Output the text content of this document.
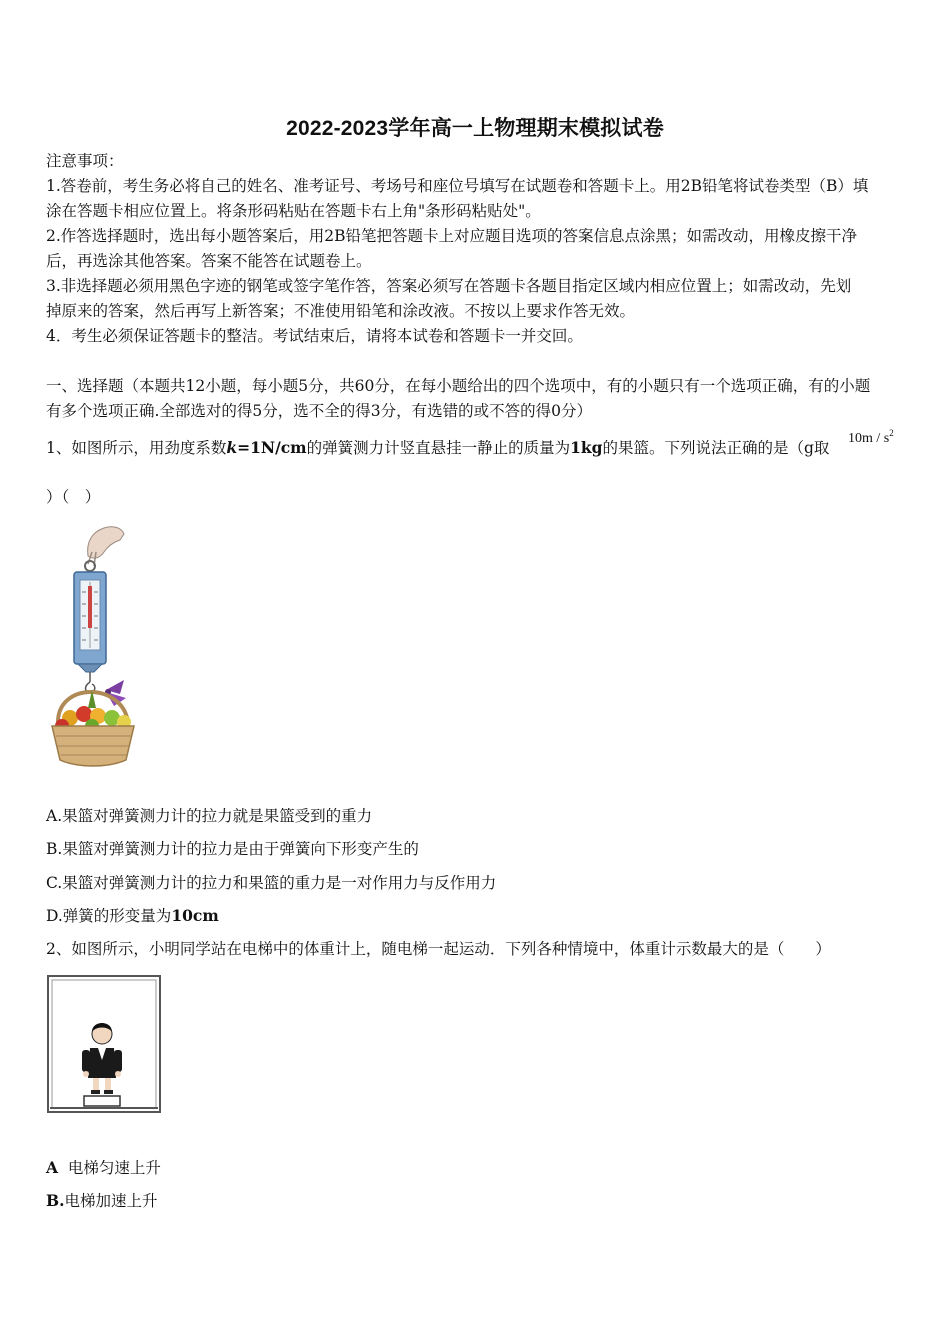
2022-2023学年高一上物理期末模拟试卷
注意事项：
1.答卷前，考生务必将自己的姓名、准考证号、考场号和座位号填写在试题卷和答题卡上。用2B铅笔将试卷类型（B）填
涂在答题卡相应位置上。将条形码粘贴在答题卡右上角"条形码粘贴处"。
2.作答选择题时，选出每小题答案后，用2B铅笔把答题卡上对应题目选项的答案信息点涂黑；如需改动，用橡皮擦干净
后，再选涂其他答案。答案不能答在试题卷上。
3.非选择题必须用黑色字迹的钢笔或签字笔作答，答案必须写在答题卡各题目指定区域内相应位置上；如需改动，先划
掉原来的答案，然后再写上新答案；不准使用铅笔和涂改液。不按以上要求作答无效。
4．考生必须保证答题卡的整洁。考试结束后，请将本试卷和答题卡一并交回。
一、选择题（本题共12小题，每小题5分，共60分，在每小题给出的四个选项中，有的小题只有一个选项正确，有的小题
有多个选项正确.全部选对的得5分，选不全的得3分，有选错的或不答的得0分）
1、如图所示，用劲度系数k=1N/cm的弹簧测力计竖直悬挂一静止的质量为1kg的果篮。下列说法正确的是（g取
$10m / s^2$
）（　）
A.果篮对弹簧测力计的拉力就是果篮受到的重力
B.果篮对弹簧测力计的拉力是由于弹簧向下形变产生的
C.果篮对弹簧测力计的拉力和果篮的重力是一对作用力与反作用力
D.弹簧的形变量为10cm
2、如图所示，小明同学站在电梯中的体重计上，随电梯一起运动．下列各种情境中，体重计示数最大的是（　　）
A 电梯匀速上升
B.电梯加速上升
